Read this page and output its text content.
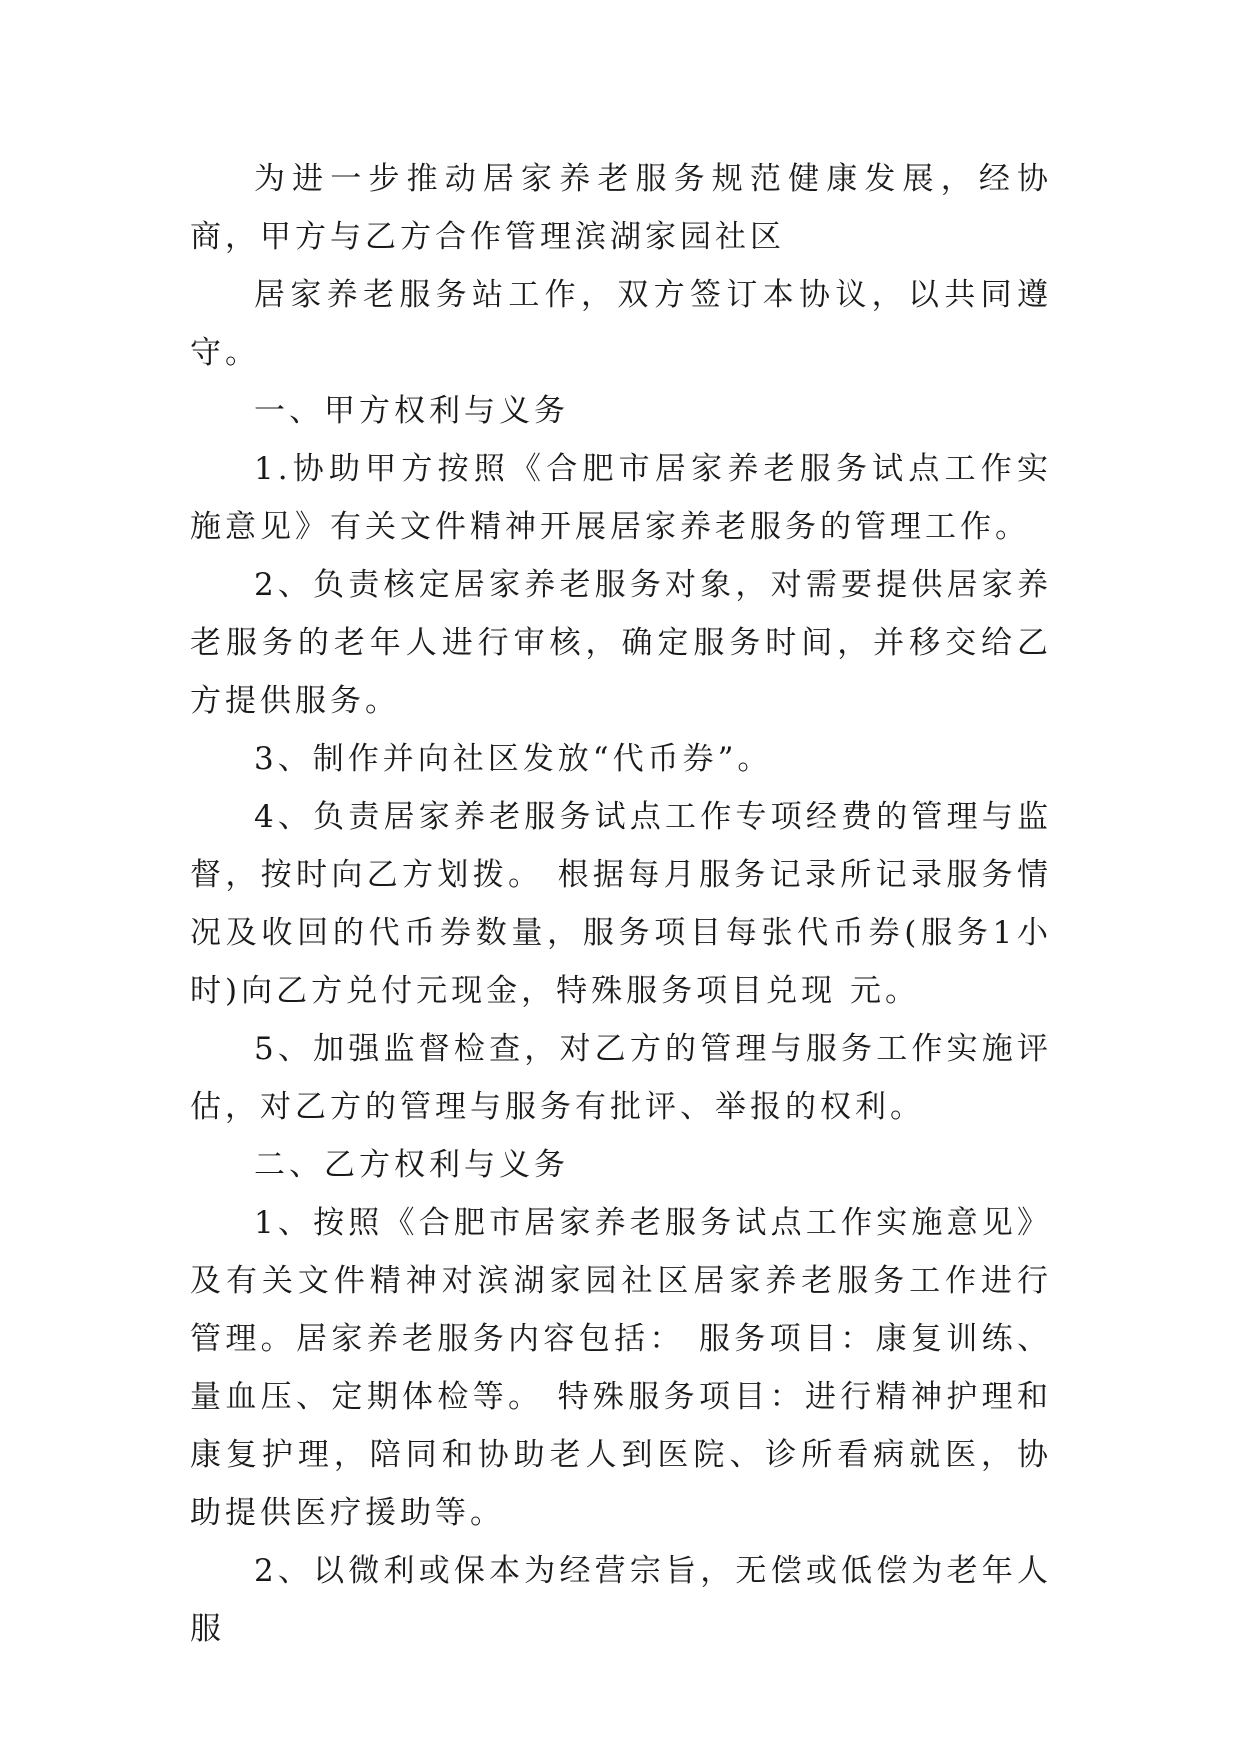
为进一步推动居家养老服务规范健康发展，经协商，甲方与乙方合作管理滨湖家园社区

居家养老服务站工作，双方签订本协议，以共同遵守。

一、甲方权利与义务

1.协助甲方按照《合肥市居家养老服务试点工作实施意见》有关文件精神开展居家养老服务的管理工作。

2、负责核定居家养老服务对象，对需要提供居家养老服务的老年人进行审核，确定服务时间，并移交给乙方提供服务。

3、制作并向社区发放“代币券”。

4、负责居家养老服务试点工作专项经费的管理与监督，按时向乙方划拨。 根据每月服务记录所记录服务情况及收回的代币券数量，服务项目每张代币券(服务1小时)向乙方兑付元现金，特殊服务项目兑现 元。

5、加强监督检查，对乙方的管理与服务工作实施评估，对乙方的管理与服务有批评、举报的权利。

二、乙方权利与义务

1、按照《合肥市居家养老服务试点工作实施意见》及有关文件精神对滨湖家园社区居家养老服务工作进行管理。居家养老服务内容包括： 服务项目：康复训练、量血压、定期体检等。 特殊服务项目：进行精神护理和康复护理，陪同和协助老人到医院、诊所看病就医，协助提供医疗援助等。

2、以微利或保本为经营宗旨，无偿或低偿为老年人服
